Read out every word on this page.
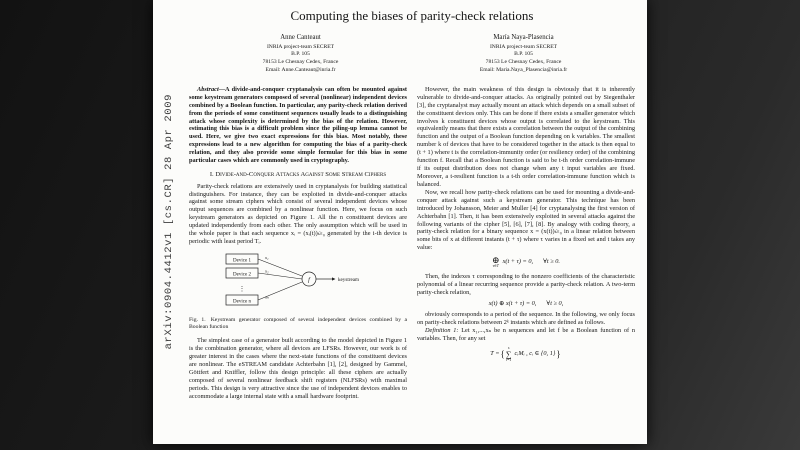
arXiv:0904.4412v1 [cs.CR] 28 Apr 2009
Computing the biases of parity-check relations
Anne Canteaut
INRIA project-team SECRET
B.P. 105
78153 Le Chesnay Cedex, France
Email: Anne.Canteaut@inria.fr
María Naya-Plasencia
INRIA project-team SECRET
B.P. 105
78153 Le Chesnay Cedex, France
Email: Maria.Naya_Plasencia@inria.fr

Abstract—A divide-and-conquer cryptanalysis can often be mounted against some keystream generators composed of several (nonlinear) independent devices combined by a Boolean function. In particular, any parity-check relation derived from the periods of some constituent sequences usually leads to a distinguishing attack whose complexity is determined by the bias of the relation. However, estimating this bias is a difficult problem since the piling-up lemma cannot be used. Here, we give two exact expressions for this bias. Most notably, these expressions lead to a new algorithm for computing the bias of a parity-check relation, and they also provide some simple formulae for this bias in some particular cases which are commonly used in cryptography.

I. Divide-and-Conquer Attacks Against Some Stream Ciphers

Parity-check relations are extensively used in cryptanalysis for building statistical distinguishers. For instance, they can be exploited in divide-and-conquer attacks against some stream ciphers which consist of several independent devices whose output sequences are combined by a nonlinear function. Here, we focus on such keystream generators as depicted on Figure 1. All the n constituent devices are updated independently from each other. The only assumption which will be used in the whole paper is that each sequence xᵢ = (xᵢ(t))ₜ≥₀ generated by the i-th device is periodic with least period Tᵢ.

Device 1
Device 2
Device n
⋮
x₁
x₂
xₙ
f	keystream
Fig. 1. Keystream generator composed of several independent devices combined by a Boolean function

The simplest case of a generator built according to the model depicted in Figure 1 is the combination generator, where all devices are LFSRs. However, our work is of greater interest in the cases where the next-state functions of the constituent devices are nonlinear. The eSTREAM candidate Achterbahn [1], [2], designed by Gammel, Göttfert and Kniffler, follow this design principle: all these ciphers are actually composed of several nonlinear feedback shift registers (NLFSRs) with maximal periods. This design is very attractive since the use of independent devices enables to accommodate a large internal state with a small hardware footprint.

However, the main weakness of this design is obviously that it is inherently vulnerable to divide-and-conquer attacks. As originally pointed out by Siegenthaler [3], the cryptanalyst may actually mount an attack which depends on a small subset of the constituent devices only. This can be done if there exists a smaller generator which involves k constituent devices whose output is correlated to the keystream. This equivalently means that there exists a correlation between the output of the combining function and the output of a Boolean function depending on k variables. The smallest number k of devices that have to be considered together in the attack is then equal to (t + 1) where t is the correlation-immunity order (or resiliency order) of the combining function f. Recall that a Boolean function is said to be t-th order correlation-immune if its output distribution does not change when any t input variables are fixed. Moreover, a t-resilient function is a t-th order correlation-immune function which is balanced.

Now, we recall how parity-check relations can be used for mounting a divide-and-conquer attack against such a keystream generator. This technique has been introduced by Johansson, Meier and Muller [4] for cryptanalysing the first version of Achterbahn [1]. Then, it has been extensively exploited in several attacks against the following variants of the cipher [5], [6], [7], [8]. By analogy with coding theory, a parity-check relation for a binary sequence x = (x(t))ₜ≥₀ in a linear relation between some bits of x at different instants (t + τ) where τ varies in a fixed set and t takes any value:

⊕
τ∈T
x(t + τ) = 0, ∀t ≥ 0.

Then, the indexes τ corresponding to the nonzero coefficients of the characteristic polynomial of a linear recurring sequence provide a parity-check relation. A two-term parity-check relation,

x(t) ⊕ x(t + τ) = 0, ∀t ≥ 0,

obviously corresponds to a period of the sequence. In the following, we only focus on parity-check relations between 2ᵏ instants which are defined as follows.

Definition 1: Let x₁,...,xₙ be n sequences and let f be a Boolean function of n variables. Then, for any set

T = {
s
∑
i=1
cᵢMᵢ , cᵢ ∈ {0, 1} }
